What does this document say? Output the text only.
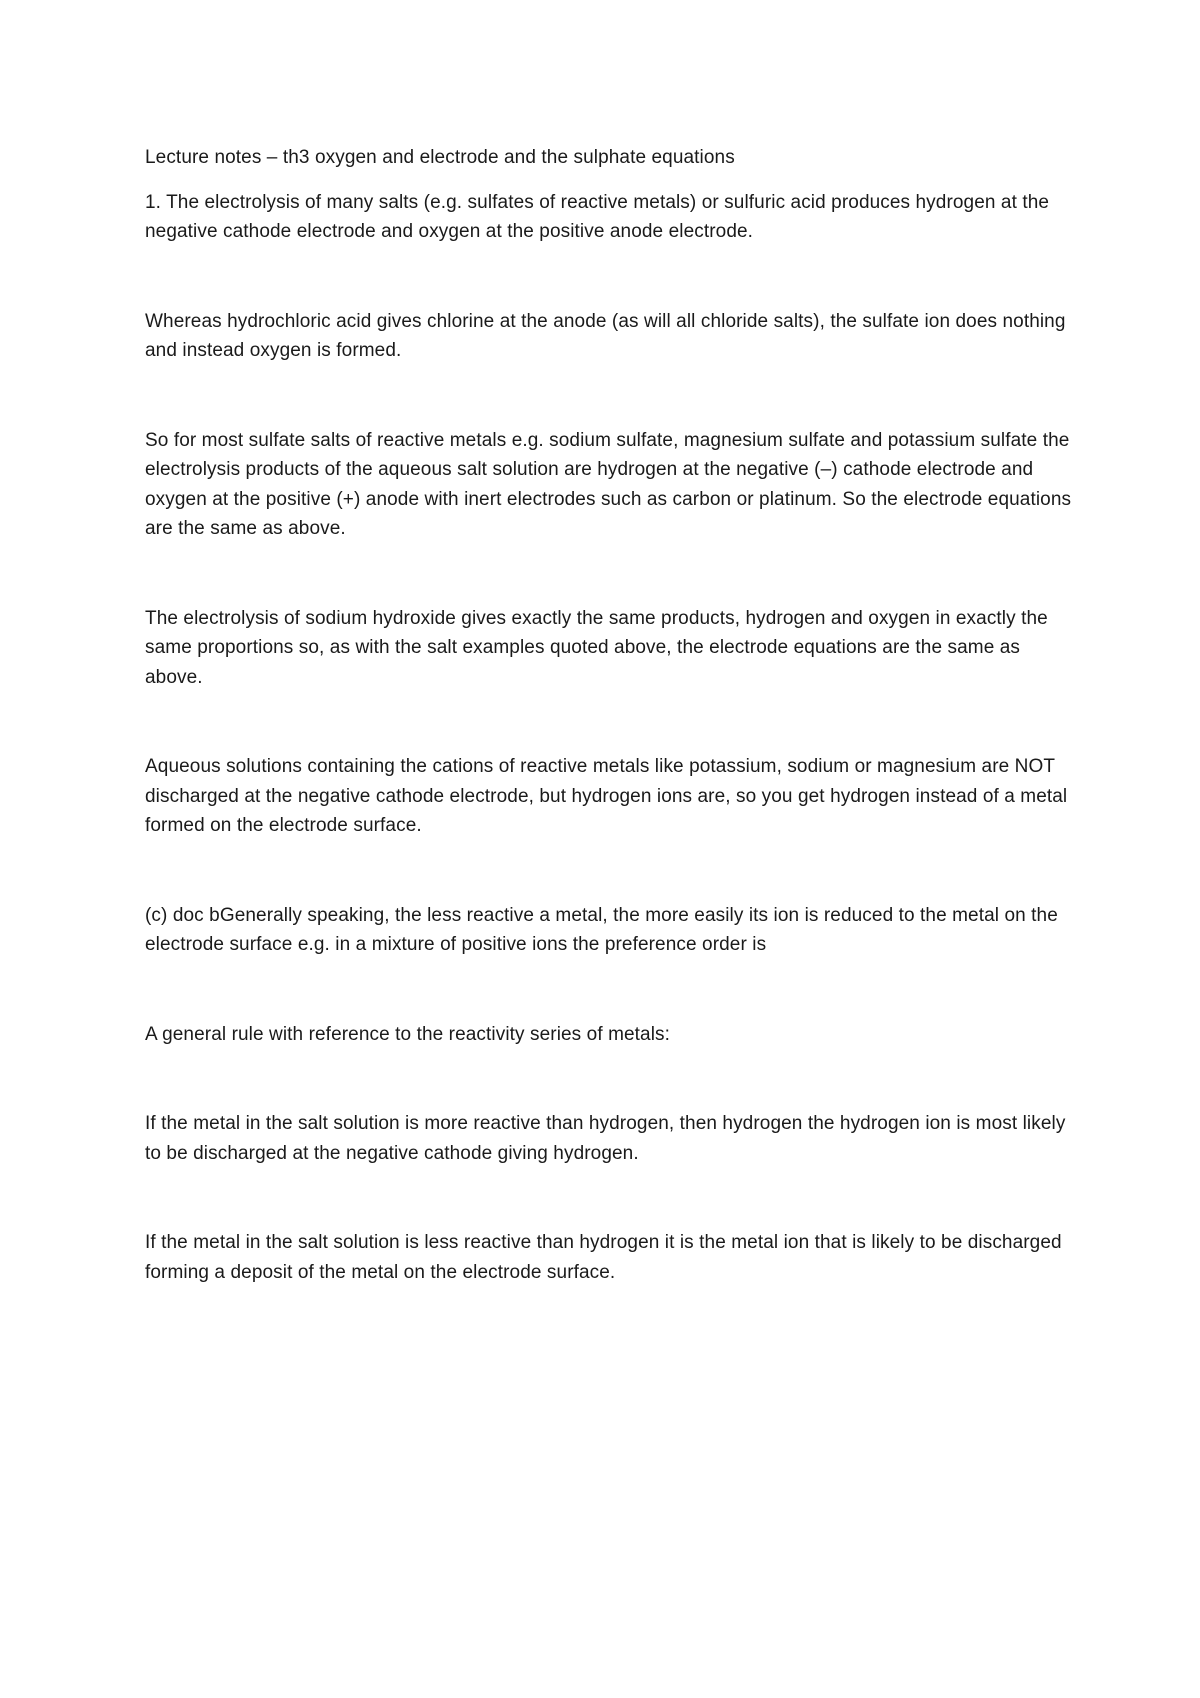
Lecture notes – th3 oxygen and electrode and the sulphate equations

1. The electrolysis of many salts (e.g. sulfates of reactive metals) or sulfuric acid produces hydrogen at the negative cathode electrode and oxygen at the positive anode electrode.

Whereas hydrochloric acid gives chlorine at the anode (as will all chloride salts), the sulfate ion does nothing and instead oxygen is formed.

So for most sulfate salts of reactive metals e.g. sodium sulfate, magnesium sulfate and potassium sulfate the electrolysis products of the aqueous salt solution are hydrogen at the negative (–) cathode electrode and oxygen at the positive (+) anode with inert electrodes such as carbon or platinum. So the electrode equations are the same as above.

The electrolysis of sodium hydroxide gives exactly the same products, hydrogen and oxygen in exactly the same proportions so, as with the salt examples quoted above, the electrode equations are the same as above.

Aqueous solutions containing the cations of reactive metals like potassium, sodium or magnesium are NOT discharged at the negative cathode electrode, but hydrogen ions are, so you get hydrogen instead of a metal formed on the electrode surface.

(c) doc bGenerally speaking, the less reactive a metal, the more easily its ion is reduced to the metal on the electrode surface e.g. in a mixture of positive ions the preference order is

A general rule with reference to the reactivity series of metals:

If the metal in the salt solution is more reactive than hydrogen, then hydrogen the hydrogen ion is most likely to be discharged at the negative cathode giving hydrogen.

If the metal in the salt solution is less reactive than hydrogen it is the metal ion that is likely to be discharged forming a deposit of the metal on the electrode surface.
